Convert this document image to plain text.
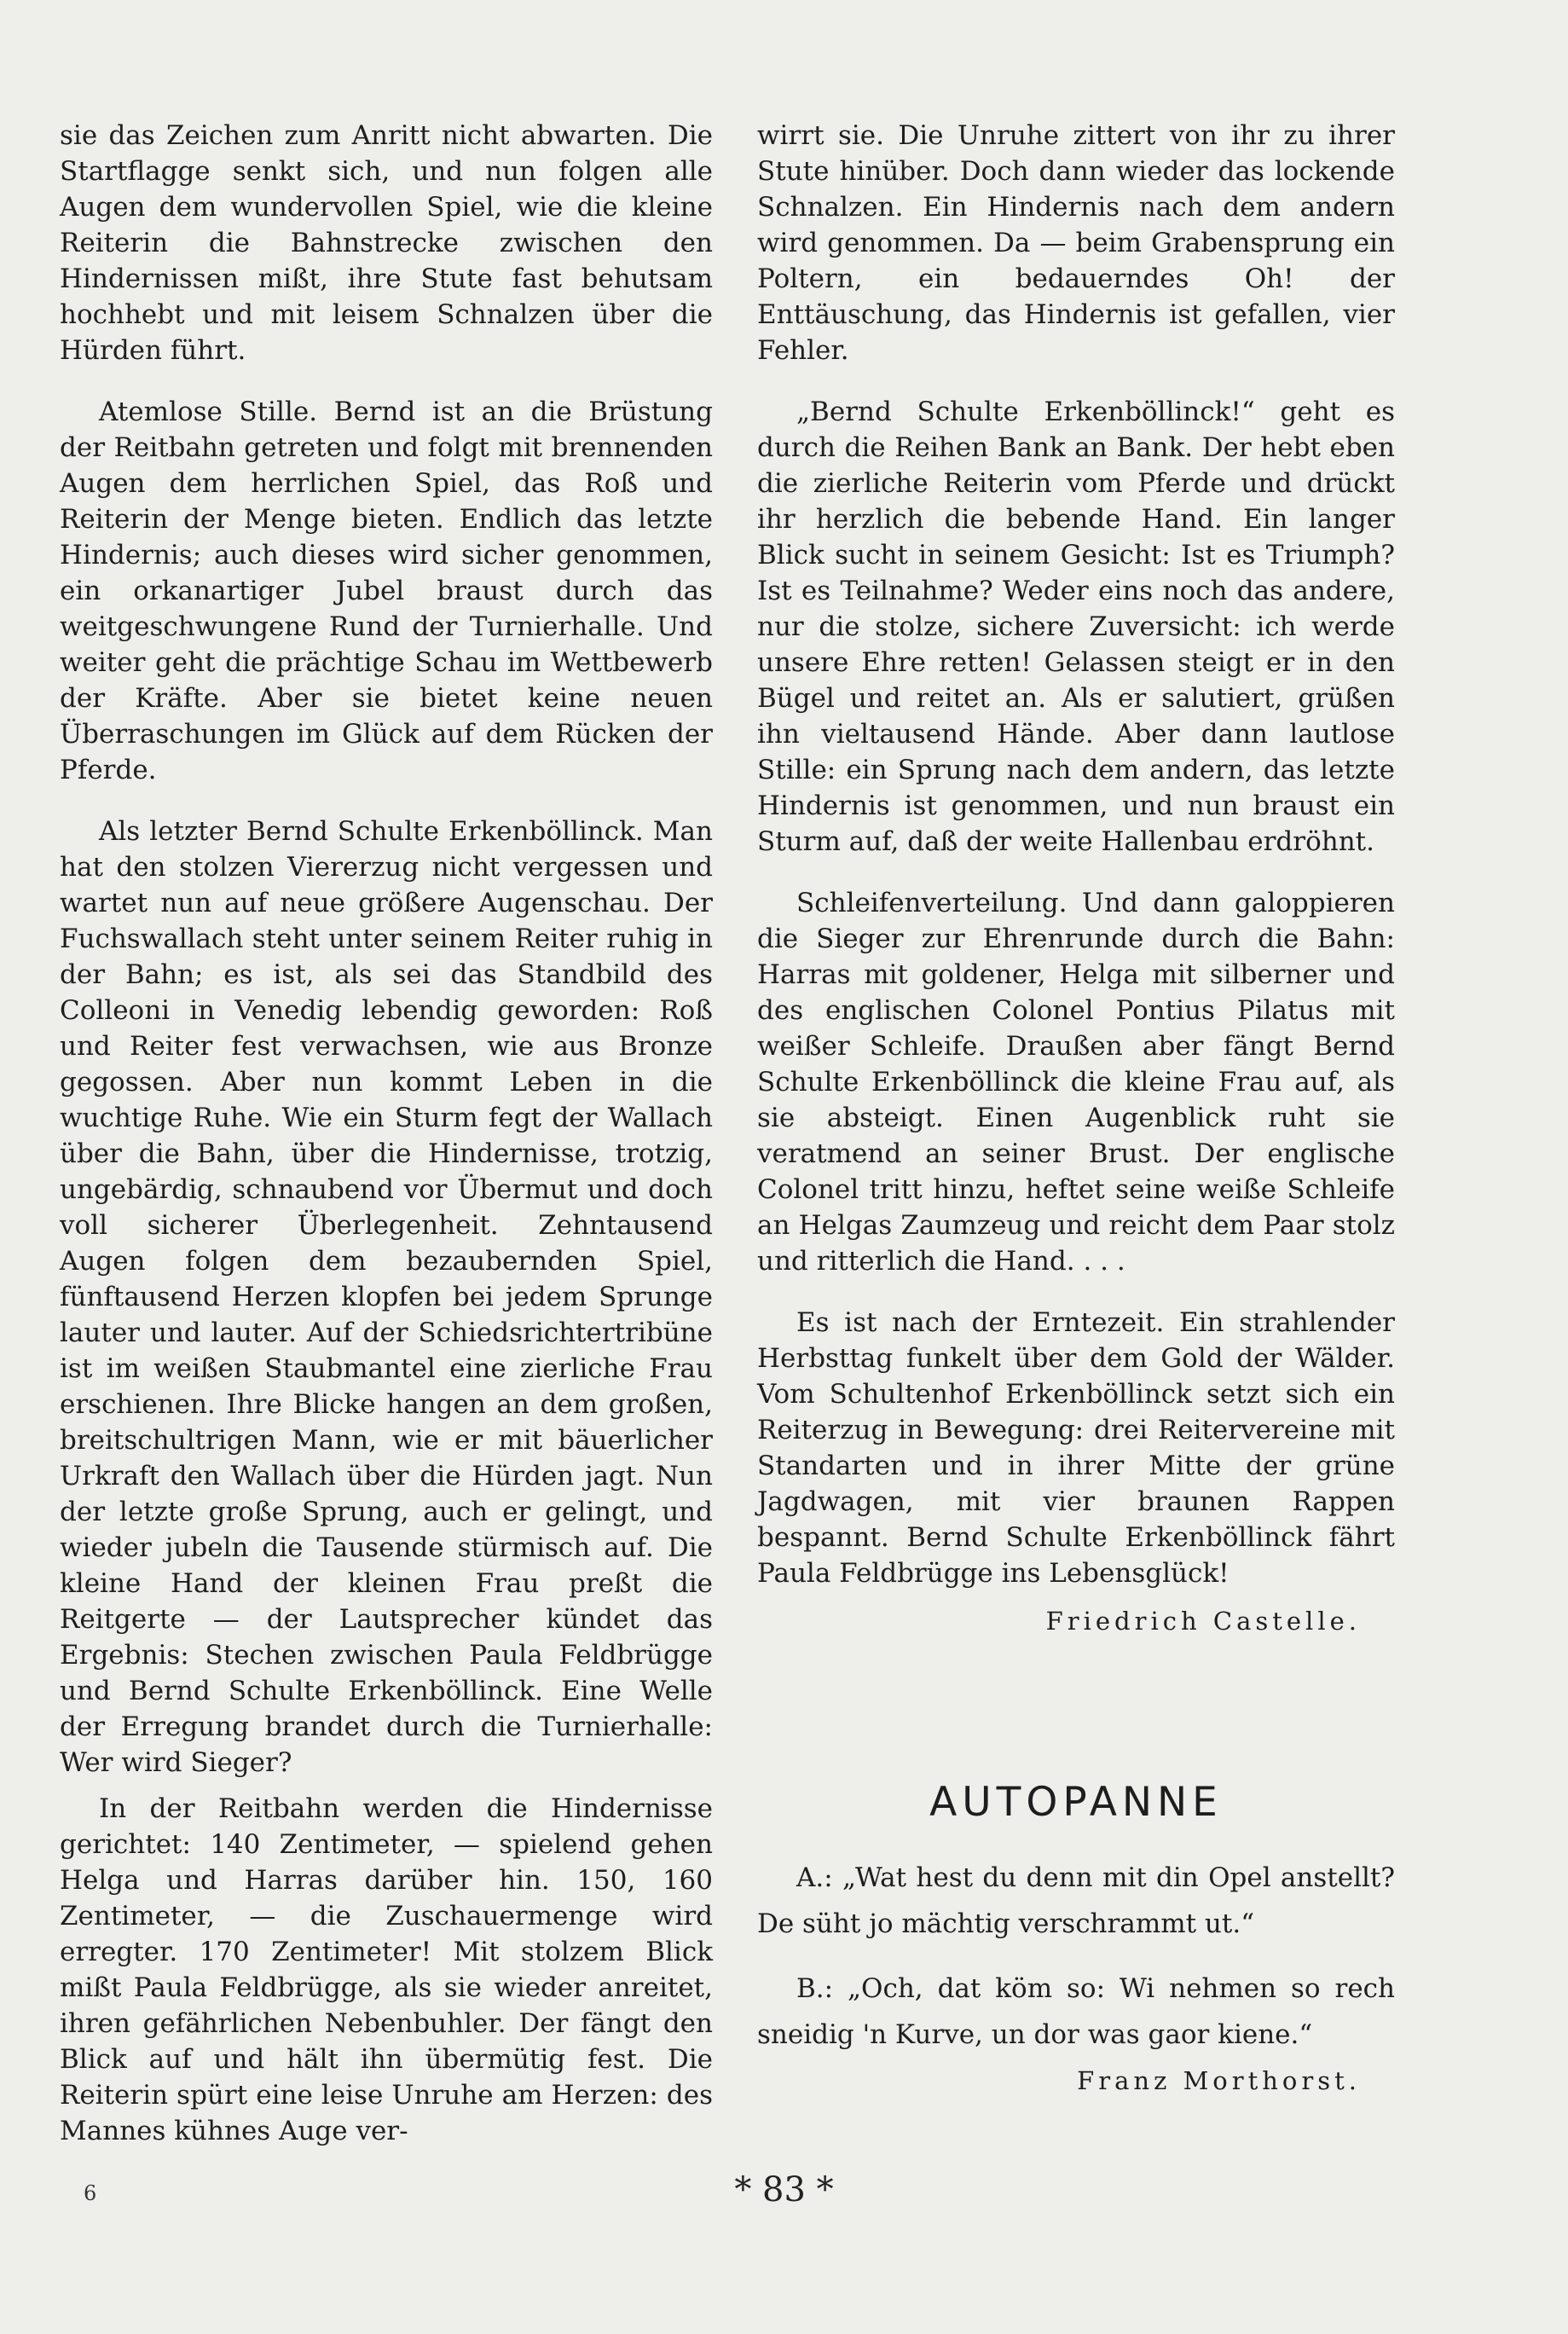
sie das Zeichen zum Anritt nicht abwarten. Die Startflagge senkt sich, und nun folgen alle Augen dem wundervollen Spiel, wie die kleine Reiterin die Bahnstrecke zwischen den Hindernissen mißt, ihre Stute fast behutsam hochhebt und mit leisem Schnalzen über die Hürden führt.

Atemlose Stille. Bernd ist an die Brüstung der Reitbahn getreten und folgt mit brennenden Augen dem herrlichen Spiel, das Roß und Reiterin der Menge bieten. Endlich das letzte Hindernis; auch dieses wird sicher genommen, ein orkanartiger Jubel braust durch das weitgeschwungene Rund der Turnierhalle. Und weiter geht die prächtige Schau im Wettbewerb der Kräfte. Aber sie bietet keine neuen Überraschungen im Glück auf dem Rücken der Pferde.

Als letzter Bernd Schulte Erkenböllinck. Man hat den stolzen Viererzug nicht vergessen und wartet nun auf neue größere Augenschau. Der Fuchswallach steht unter seinem Reiter ruhig in der Bahn; es ist, als sei das Standbild des Colleoni in Venedig lebendig geworden: Roß und Reiter fest verwachsen, wie aus Bronze gegossen. Aber nun kommt Leben in die wuchtige Ruhe. Wie ein Sturm fegt der Wallach über die Bahn, über die Hindernisse, trotzig, ungebärdig, schnaubend vor Übermut und doch voll sicherer Überlegenheit. Zehntausend Augen folgen dem bezaubernden Spiel, fünftausend Herzen klopfen bei jedem Sprunge lauter und lauter. Auf der Schiedsrichtertribüne ist im weißen Staubmantel eine zierliche Frau erschienen. Ihre Blicke hangen an dem großen, breitschultrigen Mann, wie er mit bäuerlicher Urkraft den Wallach über die Hürden jagt. Nun der letzte große Sprung, auch er gelingt, und wieder jubeln die Tausende stürmisch auf. Die kleine Hand der kleinen Frau preßt die Reitgerte — der Lautsprecher kündet das Ergebnis: Stechen zwischen Paula Feldbrügge und Bernd Schulte Erkenböllinck. Eine Welle der Erregung brandet durch die Turnierhalle: Wer wird Sieger?

In der Reitbahn werden die Hindernisse gerichtet: 140 Zentimeter, — spielend gehen Helga und Harras darüber hin. 150, 160 Zentimeter, — die Zuschauermenge wird erregter. 170 Zentimeter! Mit stolzem Blick mißt Paula Feldbrügge, als sie wieder anreitet, ihren gefährlichen Nebenbuhler. Der fängt den Blick auf und hält ihn übermütig fest. Die Reiterin spürt eine leise Unruhe am Herzen: des Mannes kühnes Auge ver-

wirrt sie. Die Unruhe zittert von ihr zu ihrer Stute hinüber. Doch dann wieder das lockende Schnalzen. Ein Hindernis nach dem andern wird genommen. Da — beim Grabensprung ein Poltern, ein bedauerndes Oh! der Enttäuschung, das Hindernis ist gefallen, vier Fehler.

„Bernd Schulte Erkenböllinck!“ geht es durch die Reihen Bank an Bank. Der hebt eben die zierliche Reiterin vom Pferde und drückt ihr herzlich die bebende Hand. Ein langer Blick sucht in seinem Gesicht: Ist es Triumph? Ist es Teilnahme? Weder eins noch das andere, nur die stolze, sichere Zuversicht: ich werde unsere Ehre retten! Gelassen steigt er in den Bügel und reitet an. Als er salutiert, grüßen ihn vieltausend Hände. Aber dann lautlose Stille: ein Sprung nach dem andern, das letzte Hindernis ist genommen, und nun braust ein Sturm auf, daß der weite Hallenbau erdröhnt.

Schleifenverteilung. Und dann galoppieren die Sieger zur Ehrenrunde durch die Bahn: Harras mit goldener, Helga mit silberner und des englischen Colonel Pontius Pilatus mit weißer Schleife. Draußen aber fängt Bernd Schulte Erkenböllinck die kleine Frau auf, als sie absteigt. Einen Augenblick ruht sie veratmend an seiner Brust. Der englische Colonel tritt hinzu, heftet seine weiße Schleife an Helgas Zaumzeug und reicht dem Paar stolz und ritterlich die Hand. . . .

Es ist nach der Erntezeit. Ein strahlender Herbsttag funkelt über dem Gold der Wälder. Vom Schultenhof Erkenböllinck setzt sich ein Reiterzug in Bewegung: drei Reitervereine mit Standarten und in ihrer Mitte der grüne Jagdwagen, mit vier braunen Rappen bespannt. Bernd Schulte Erkenböllinck fährt Paula Feldbrügge ins Lebensglück!

Friedrich Castelle.
AUTOPANNE

A.: „Wat hest du denn mit din Opel anstellt? De süht jo mächtig verschrammt ut.“

B.: „Och, dat köm so: Wi nehmen so rech sneidig 'n Kurve, un dor was gaor kiene.“
Franz Morthorst.

6	* 83 *
